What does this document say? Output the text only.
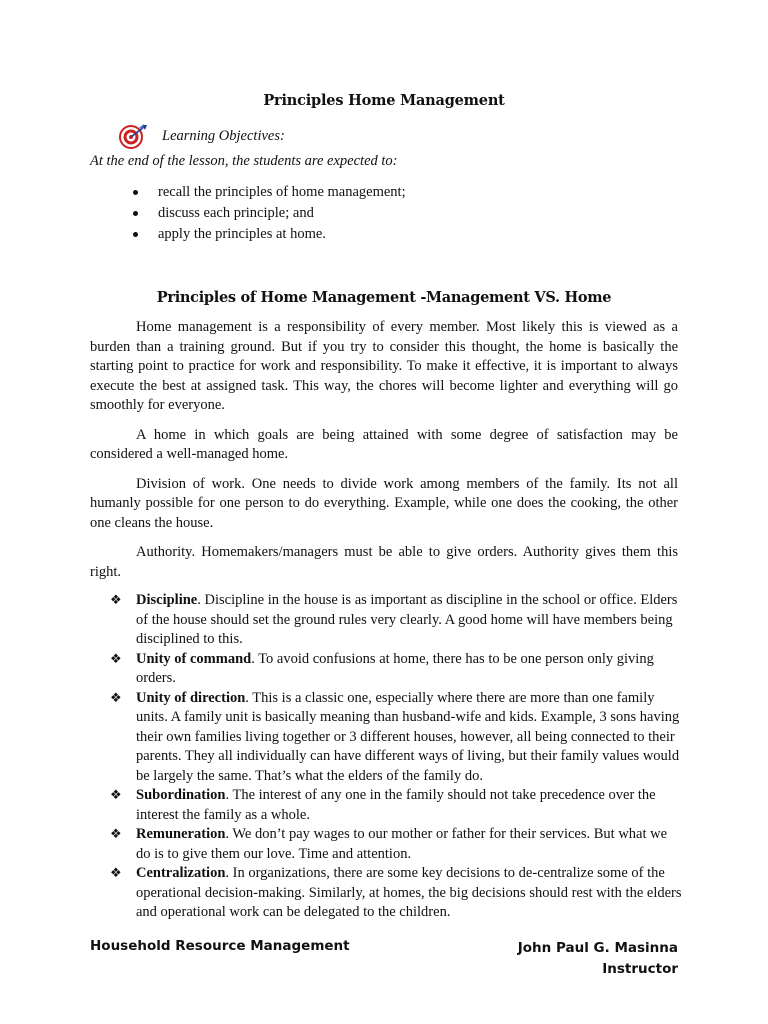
Principles Home Management
Learning Objectives:
At the end of the lesson, the students are expected to:
recall the principles of home management;
discuss each principle; and
apply the principles at home.
Principles of Home Management -Management VS. Home

Home management is a responsibility of every member. Most likely this is viewed as a burden than a training ground. But if you try to consider this thought, the home is basically the starting point to practice for work and responsibility. To make it effective, it is important to always execute the best at assigned task. This way, the chores will become lighter and everything will go smoothly for everyone.

A home in which goals are being attained with some degree of satisfaction may be considered a well-managed home.

Division of work. One needs to divide work among members of the family. Its not all humanly possible for one person to do everything. Example, while one does the cooking, the other one cleans the house.

Authority. Homemakers/managers must be able to give orders. Authority gives them this right.

❖ Discipline. Discipline in the house is as important as discipline in the school or office. Elders of the house should set the ground rules very clearly. A good home will have members being disciplined to this.
❖ Unity of command. To avoid confusions at home, there has to be one person only giving orders.
❖ Unity of direction. This is a classic one, especially where there are more than one family units. A family unit is basically meaning than husband-wife and kids. Example, 3 sons having their own families living together or 3 different houses, however, all being connected to their parents. They all individually can have different ways of living, but their family values would be largely the same. That’s what the elders of the family do.
❖ Subordination. The interest of any one in the family should not take precedence over the interest the family as a whole.
❖ Remuneration. We don’t pay wages to our mother or father for their services. But what we do is to give them our love. Time and attention.
❖ Centralization. In organizations, there are some key decisions to de-centralize some of the operational decision-making. Similarly, at homes, the big decisions should rest with the elders and operational work can be delegated to the children.
Household Resource Management	John Paul G. Masinna
Instructor
